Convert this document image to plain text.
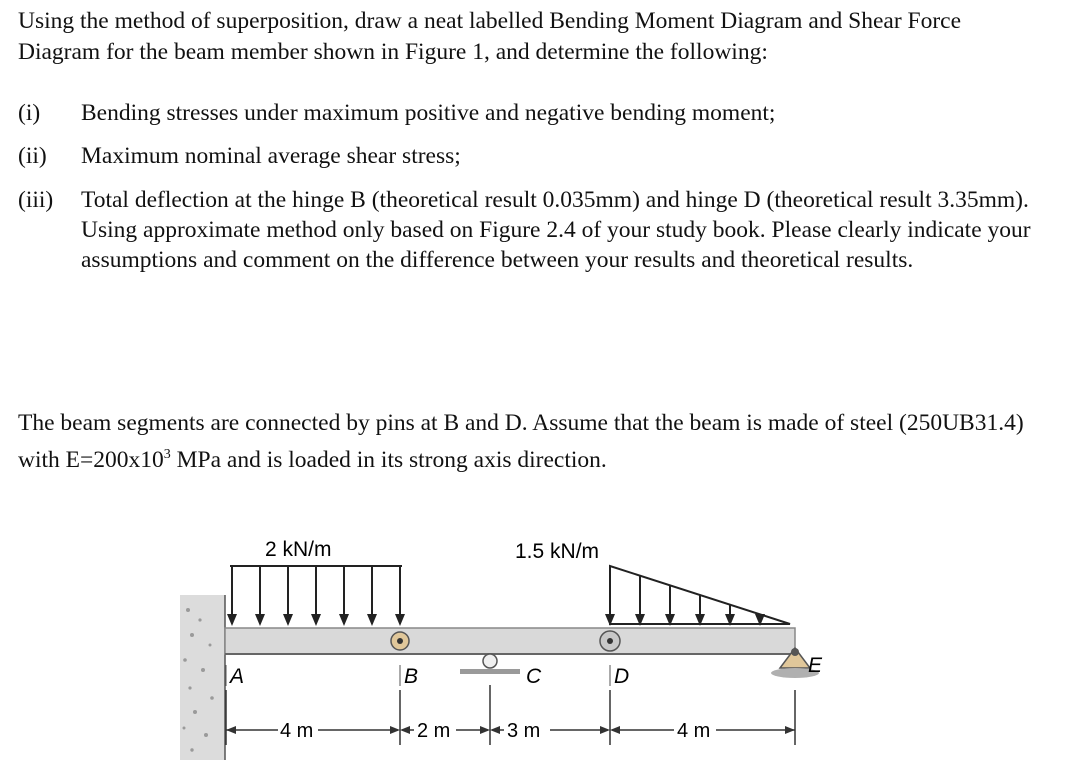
Using the method of superposition, draw a neat labelled Bending Moment Diagram and Shear Force Diagram for the beam member shown in Figure 1, and determine the following:

(i) Bending stresses under maximum positive and negative bending moment;
(ii) Maximum nominal average shear stress;
(iii) Total deflection at the hinge B (theoretical result 0.035mm) and hinge D (theoretical result 3.35mm). Using approximate method only based on Figure 2.4 of your study book. Please clearly indicate your assumptions and comment on the difference between your results and theoretical results.

The beam segments are connected by pins at B and D. Assume that the beam is made of steel (250UB31.4) with $E=200x10^3$ MPa and is loaded in its strong axis direction.

2 kN/m	1.5 kN/m
A	B	C	D	E
4 m	2 m	3 m	4 m
